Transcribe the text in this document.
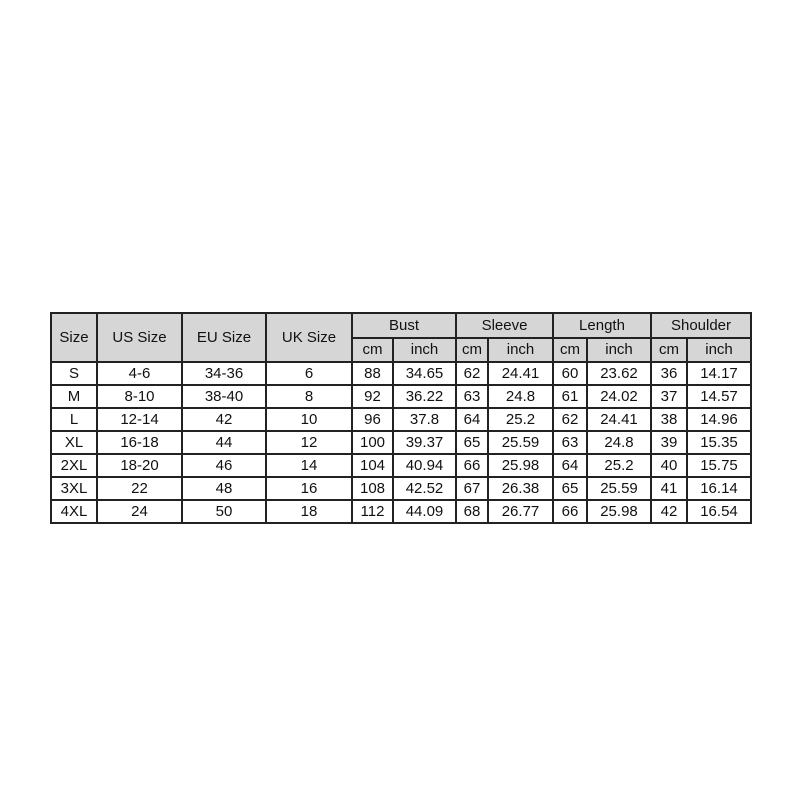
Size	US Size	EU Size	UK Size	Bust		Sleeve		Length		Shoulder	
				cm	inch	cm	inch	cm	inch	cm	inch
S	4-6	34-36	6	88	34.65	62	24.41	60	23.62	36	14.17
M	8-10	38-40	8	92	36.22	63	24.8	61	24.02	37	14.57
L	12-14	42	10	96	37.8	64	25.2	62	24.41	38	14.96
XL	16-18	44	12	100	39.37	65	25.59	63	24.8	39	15.35
2XL	18-20	46	14	104	40.94	66	25.98	64	25.2	40	15.75
3XL	22	48	16	108	42.52	67	26.38	65	25.59	41	16.14
4XL	24	50	18	112	44.09	68	26.77	66	25.98	42	16.54
